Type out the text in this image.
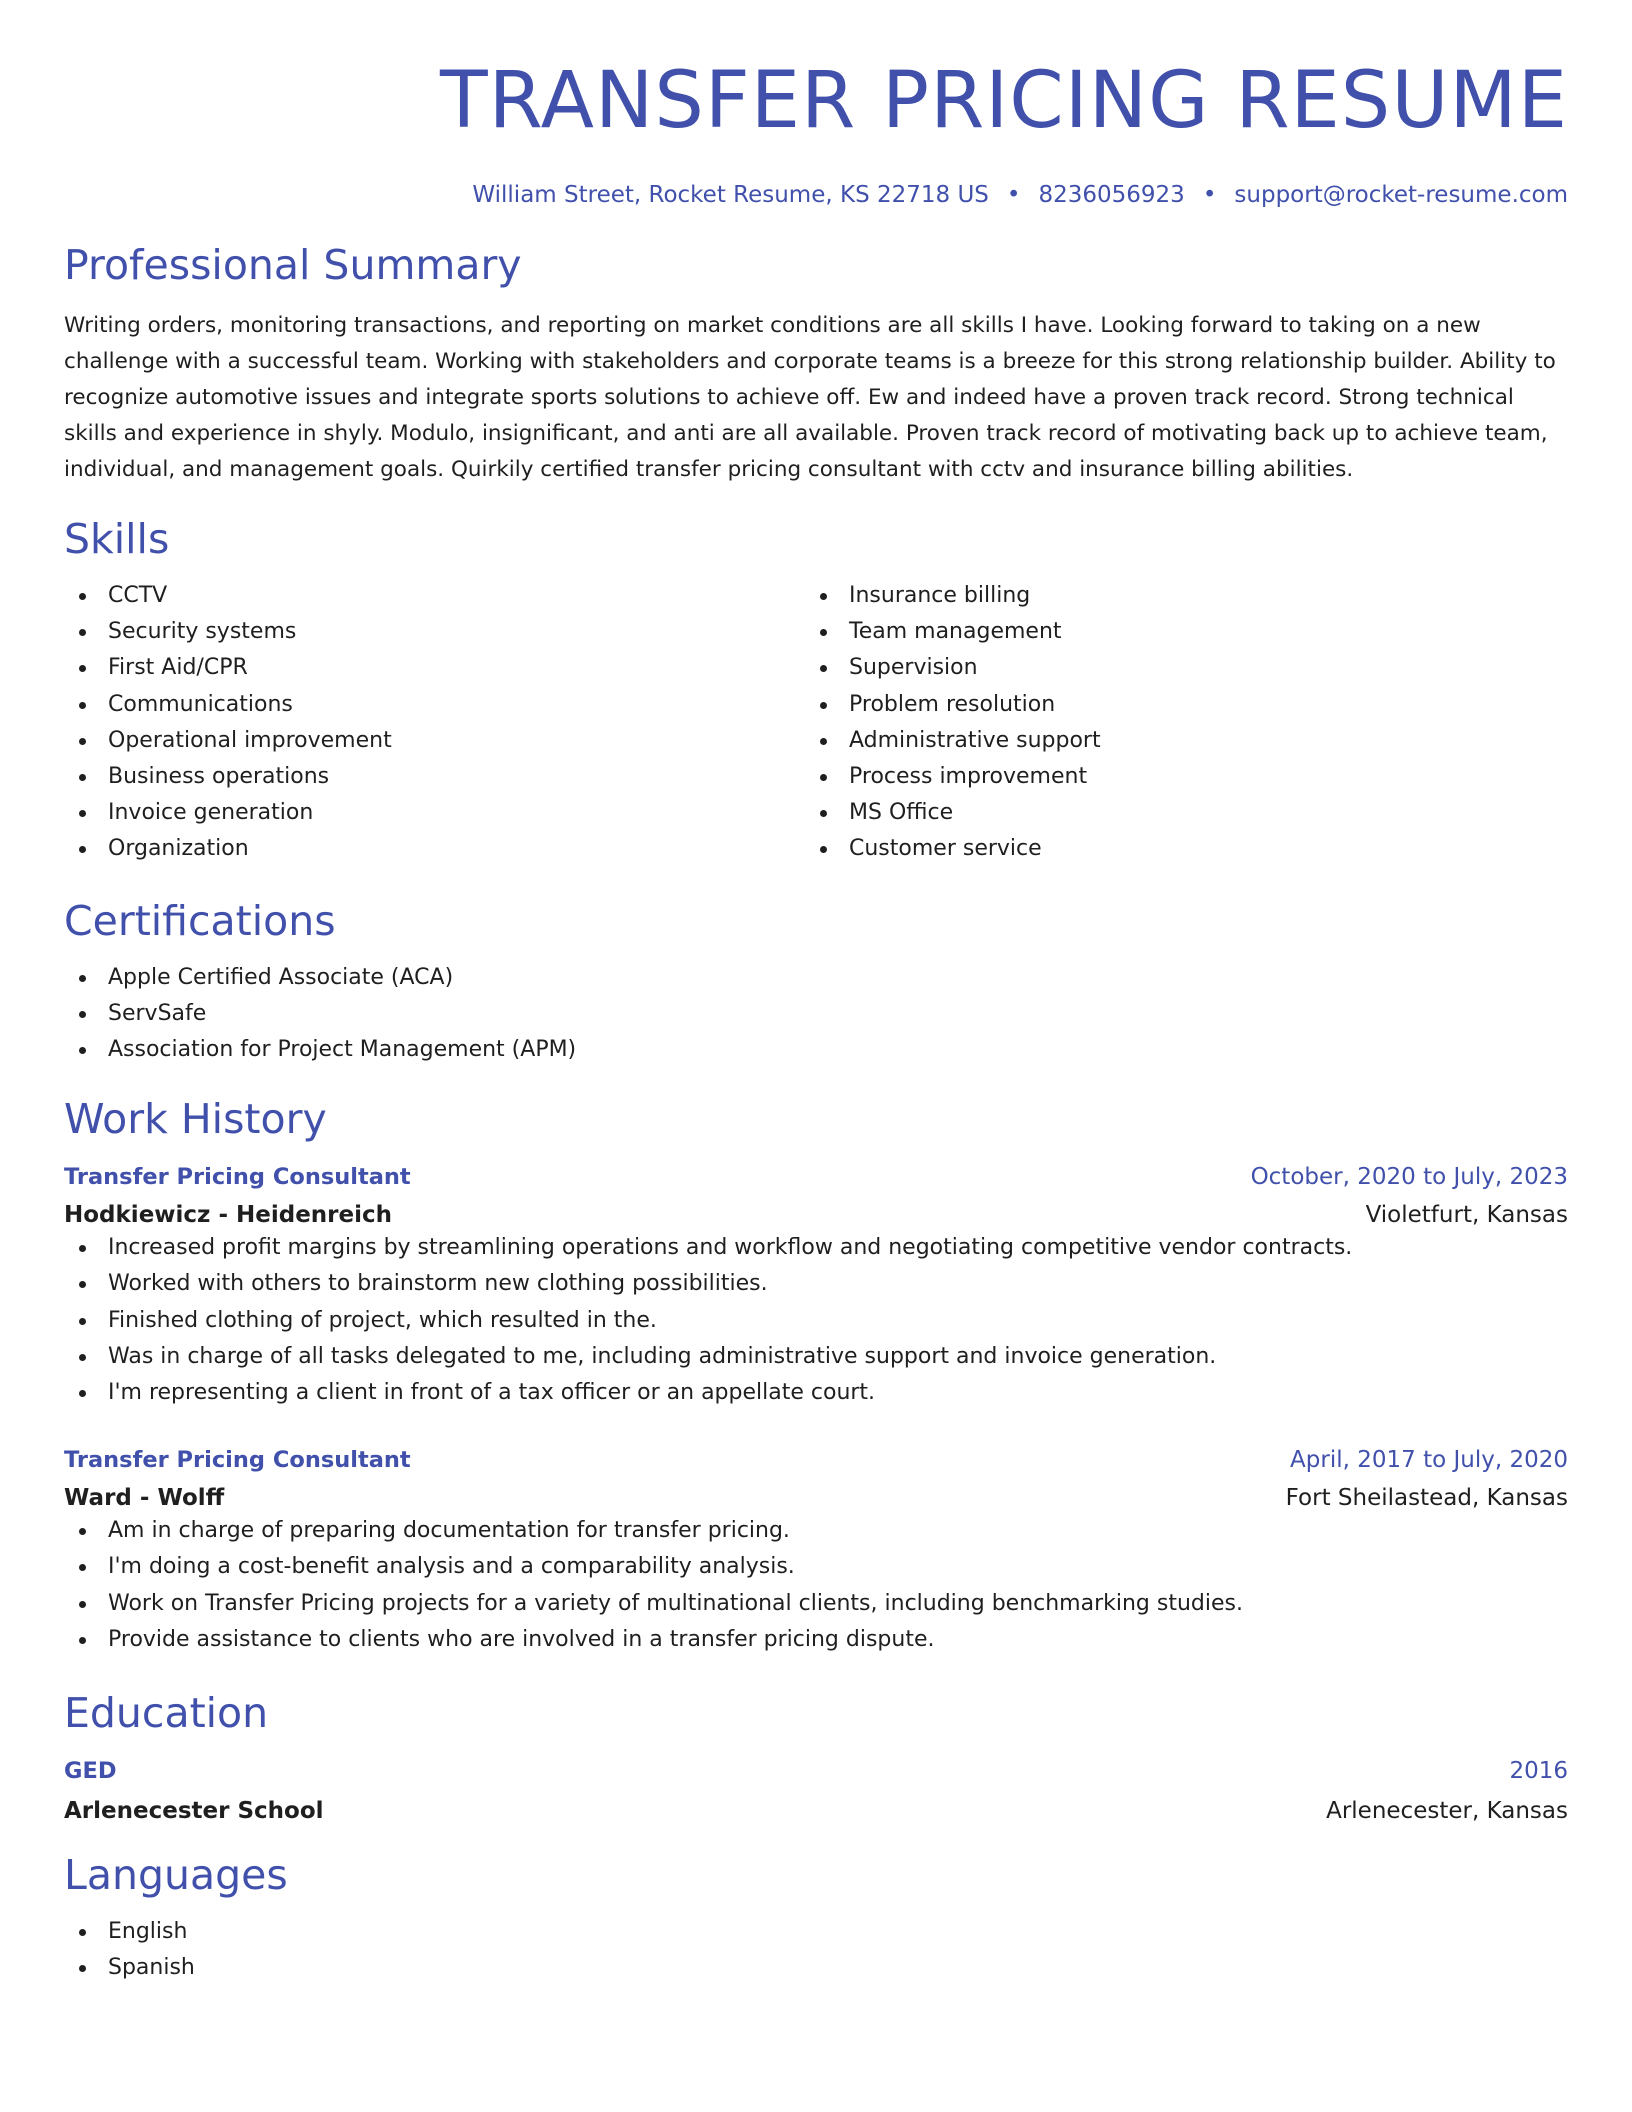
TRANSFER PRICING RESUME
William Street, Rocket Resume, KS 22718 US • 8236056923 • support@rocket-resume.com
Professional Summary
Writing orders, monitoring transactions, and reporting on market conditions are all skills I have. Looking forward to taking on a new challenge with a successful team. Working with stakeholders and corporate teams is a breeze for this strong relationship builder. Ability to recognize automotive issues and integrate sports solutions to achieve off. Ew and indeed have a proven track record. Strong technical skills and experience in shyly. Modulo, insignificant, and anti are all available. Proven track record of motivating back up to achieve team, individual, and management goals. Quirkily certified transfer pricing consultant with cctv and insurance billing abilities.
Skills
CCTV
Security systems
First Aid/CPR
Communications
Operational improvement
Business operations
Invoice generation
Organization
Insurance billing
Team management
Supervision
Problem resolution
Administrative support
Process improvement
MS Office
Customer service
Certifications
Apple Certified Associate (ACA)
ServSafe
Association for Project Management (APM)
Work History
Transfer Pricing Consultant	October, 2020 to July, 2023
Hodkiewicz - Heidenreich	Violetfurt, Kansas
Increased profit margins by streamlining operations and workflow and negotiating competitive vendor contracts.
Worked with others to brainstorm new clothing possibilities.
Finished clothing of project, which resulted in the.
Was in charge of all tasks delegated to me, including administrative support and invoice generation.
I'm representing a client in front of a tax officer or an appellate court.
Transfer Pricing Consultant	April, 2017 to July, 2020
Ward - Wolff	Fort Sheilastead, Kansas
Am in charge of preparing documentation for transfer pricing.
I'm doing a cost-benefit analysis and a comparability analysis.
Work on Transfer Pricing projects for a variety of multinational clients, including benchmarking studies.
Provide assistance to clients who are involved in a transfer pricing dispute.
Education
GED	2016
Arlenecester School	Arlenecester, Kansas
Languages
English
Spanish
